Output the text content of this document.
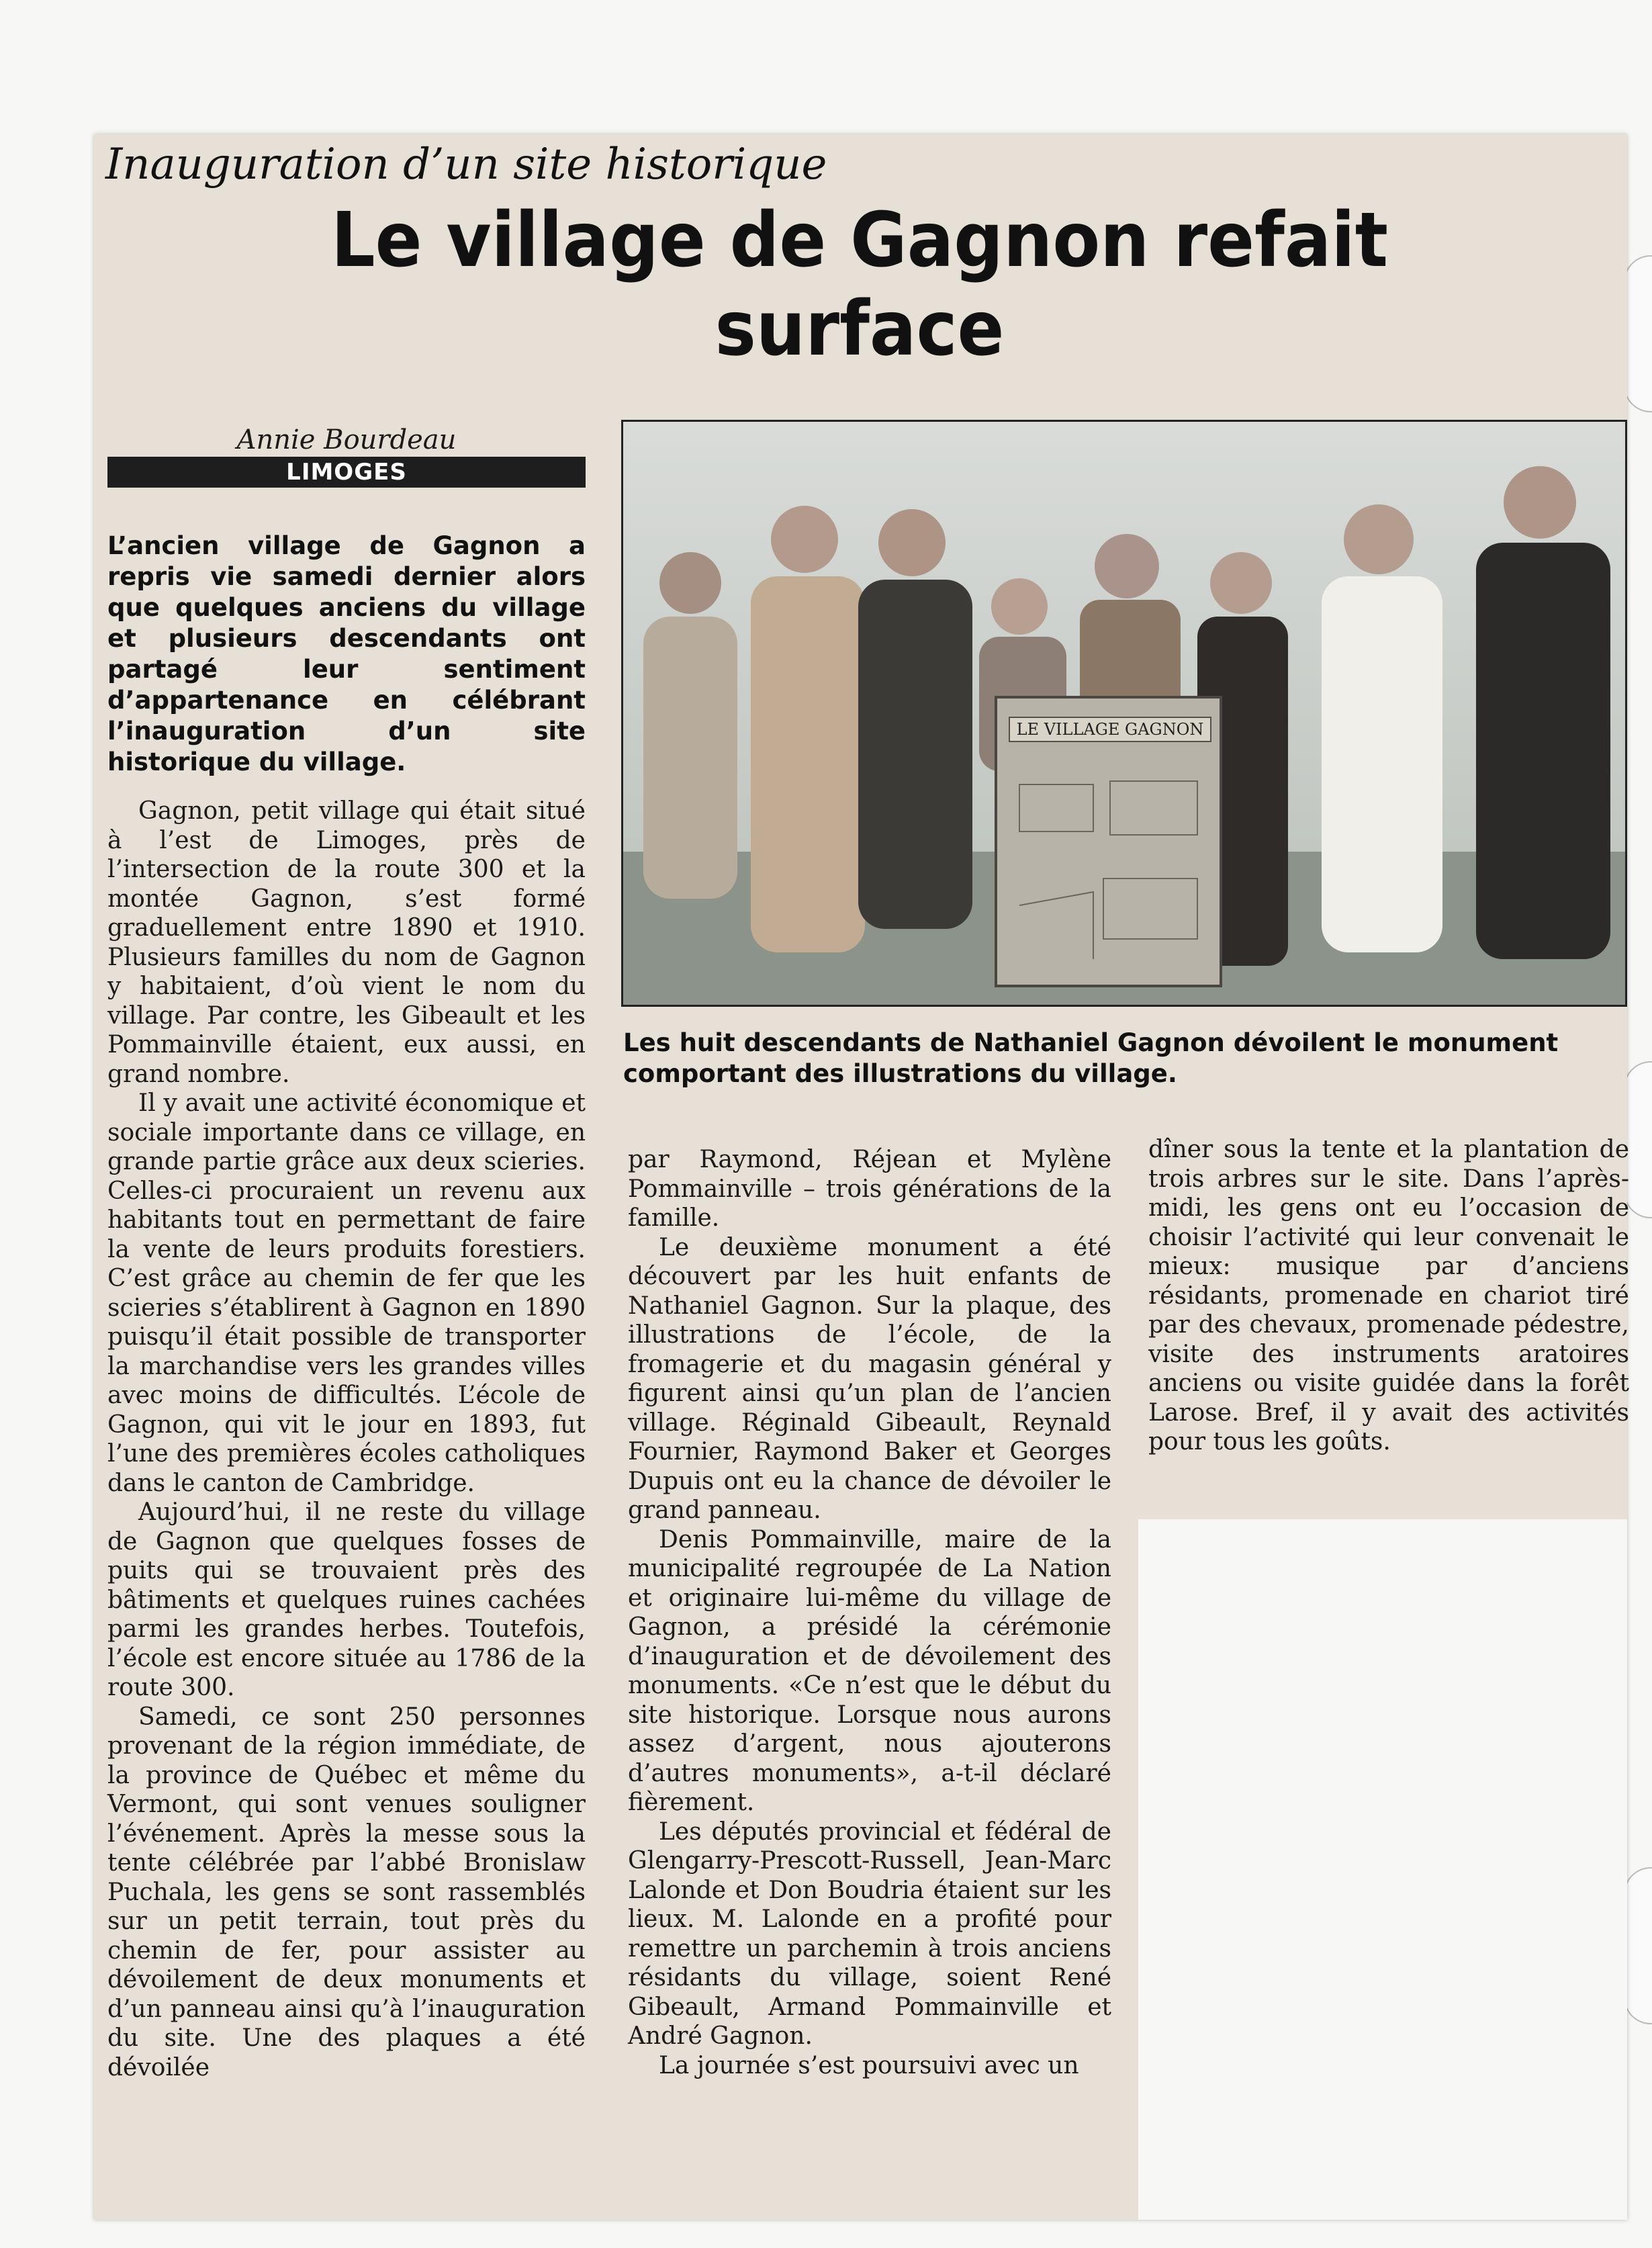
Inauguration d’un site historique
Le village de Gagnon refait surface
Annie Bourdeau
LIMOGES
L’ancien village de Gagnon a repris vie samedi dernier alors que quelques anciens du village et plusieurs descendants ont partagé leur sentiment d’appartenance en célébrant l’inauguration d’un site historique du village.
LE VILLAGE GAGNON
Les huit descendants de Nathaniel Gagnon dévoilent le monument comportant des illustrations du village.

Gagnon, petit village qui était situé à l’est de Limoges, près de l’intersection de la route 300 et la montée Gagnon, s’est formé graduellement entre 1890 et 1910. Plusieurs familles du nom de Gagnon y habitaient, d’où vient le nom du village. Par contre, les Gibeault et les Pommainville étaient, eux aussi, en grand nombre.

Il y avait une activité économique et sociale importante dans ce village, en grande partie grâce aux deux scieries. Celles-ci procuraient un revenu aux habitants tout en permettant de faire la vente de leurs produits forestiers. C’est grâce au chemin de fer que les scieries s’établirent à Gagnon en 1890 puisqu’il était possible de transporter la marchandise vers les grandes villes avec moins de difficultés. L’école de Gagnon, qui vit le jour en 1893, fut l’une des premières écoles catholiques dans le canton de Cambridge.

Aujourd’hui, il ne reste du village de Gagnon que quelques fosses de puits qui se trouvaient près des bâtiments et quelques ruines cachées parmi les grandes herbes. Toutefois, l’école est encore située au 1786 de la route 300.

Samedi, ce sont 250 personnes provenant de la région immédiate, de la province de Québec et même du Vermont, qui sont venues souligner l’événement. Après la messe sous la tente célébrée par l’abbé Bronislaw Puchala, les gens se sont rassemblés sur un petit terrain, tout près du chemin de fer, pour assister au dévoilement de deux monuments et d’un panneau ainsi qu’à l’inauguration du site. Une des plaques a été dévoilée

par Raymond, Réjean et Mylène Pommainville – trois générations de la famille.

Le deuxième monument a été découvert par les huit enfants de Nathaniel Gagnon. Sur la plaque, des illustrations de l’école, de la fromagerie et du magasin général y figurent ainsi qu’un plan de l’ancien village. Réginald Gibeault, Reynald Fournier, Raymond Baker et Georges Dupuis ont eu la chance de dévoiler le grand panneau.

Denis Pommainville, maire de la municipalité regroupée de La Nation et originaire lui-même du village de Gagnon, a présidé la cérémonie d’inauguration et de dévoilement des monuments. «Ce n’est que le début du site historique. Lorsque nous aurons assez d’argent, nous ajouterons d’autres monuments», a-t-il déclaré fièrement.

Les députés provincial et fédéral de Glengarry-Prescott-Russell, Jean-Marc Lalonde et Don Boudria étaient sur les lieux. M. Lalonde en a profité pour remettre un parchemin à trois anciens résidants du village, soient René Gibeault, Armand Pommainville et André Gagnon.

La journée s’est poursuivi avec un

dîner sous la tente et la plantation de trois arbres sur le site. Dans l’après-midi, les gens ont eu l’occasion de choisir l’activité qui leur convenait le mieux: musique par d’anciens résidants, promenade en chariot tiré par des chevaux, promenade pédestre, visite des instruments aratoires anciens ou visite guidée dans la forêt Larose. Bref, il y avait des activités pour tous les goûts.
